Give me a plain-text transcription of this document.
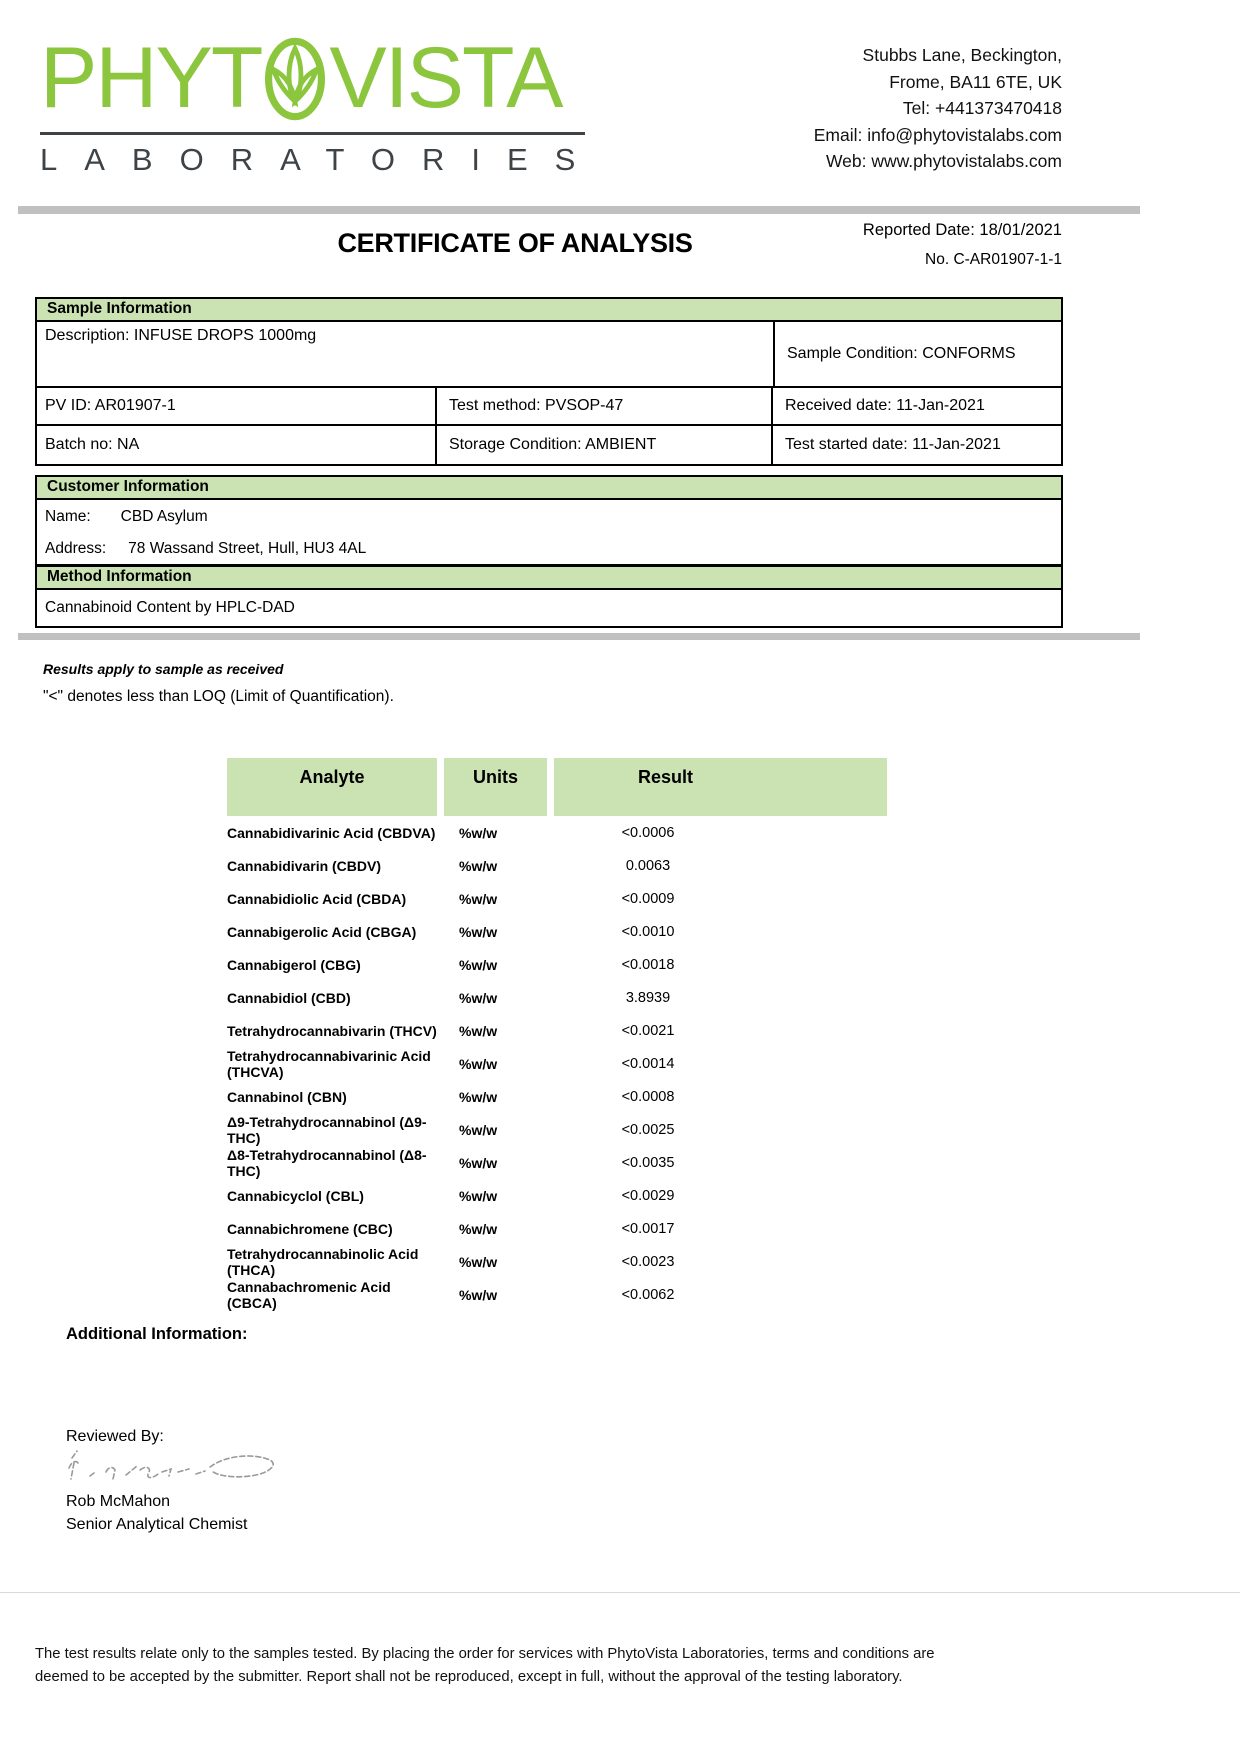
PHYT VISTA
LABORATORIES
Stubbs Lane, Beckington,
Frome, BA11 6TE, UK
Tel: +441373470418
Email: info@phytovistalabs.com
Web: www.phytovistalabs.com
CERTIFICATE OF ANALYSIS	Reported Date: 18/01/2021
No. C-AR01907-1-1
Sample Information
Description: INFUSE DROPS 1000mg
Sample Condition: CONFORMS
PV ID: AR01907-1	Test method: PVSOP-47	Received date: 11-Jan-2021
Batch no: NA	Storage Condition: AMBIENT	Test started date: 11-Jan-2021
Customer Information
Name: CBD Asylum
Address: 78 Wassand Street, Hull, HU3 4AL
Method Information
Cannabinoid Content by HPLC-DAD
Results apply to sample as received
"<" denotes less than LOQ (Limit of Quantification).
Analyte	Units	Result
Cannabidivarinic Acid (CBDVA)	%w/w	<0.0006
Cannabidivarin (CBDV)	%w/w	0.0063
Cannabidiolic Acid (CBDA)	%w/w	<0.0009
Cannabigerolic Acid (CBGA)	%w/w	<0.0010
Cannabigerol (CBG)	%w/w	<0.0018
Cannabidiol (CBD)	%w/w	3.8939
Tetrahydrocannabivarin (THCV)	%w/w	<0.0021
Tetrahydrocannabivarinic Acid (THCVA)	%w/w	<0.0014
Cannabinol (CBN)	%w/w	<0.0008
Δ9-Tetrahydrocannabinol (Δ9-THC)	%w/w	<0.0025
Δ8-Tetrahydrocannabinol (Δ8-THC)	%w/w	<0.0035
Cannabicyclol (CBL)	%w/w	<0.0029
Cannabichromene (CBC)	%w/w	<0.0017
Tetrahydrocannabinolic Acid (THCA)	%w/w	<0.0023
Cannabachromenic Acid (CBCA)	%w/w	<0.0062
Additional Information:
Reviewed By:
Rob McMahon
Senior Analytical Chemist
The test results relate only to the samples tested. By placing the order for services with PhytoVista Laboratories, terms and conditions are
deemed to be accepted by the submitter. Report shall not be reproduced, except in full, without the approval of the testing laboratory.
